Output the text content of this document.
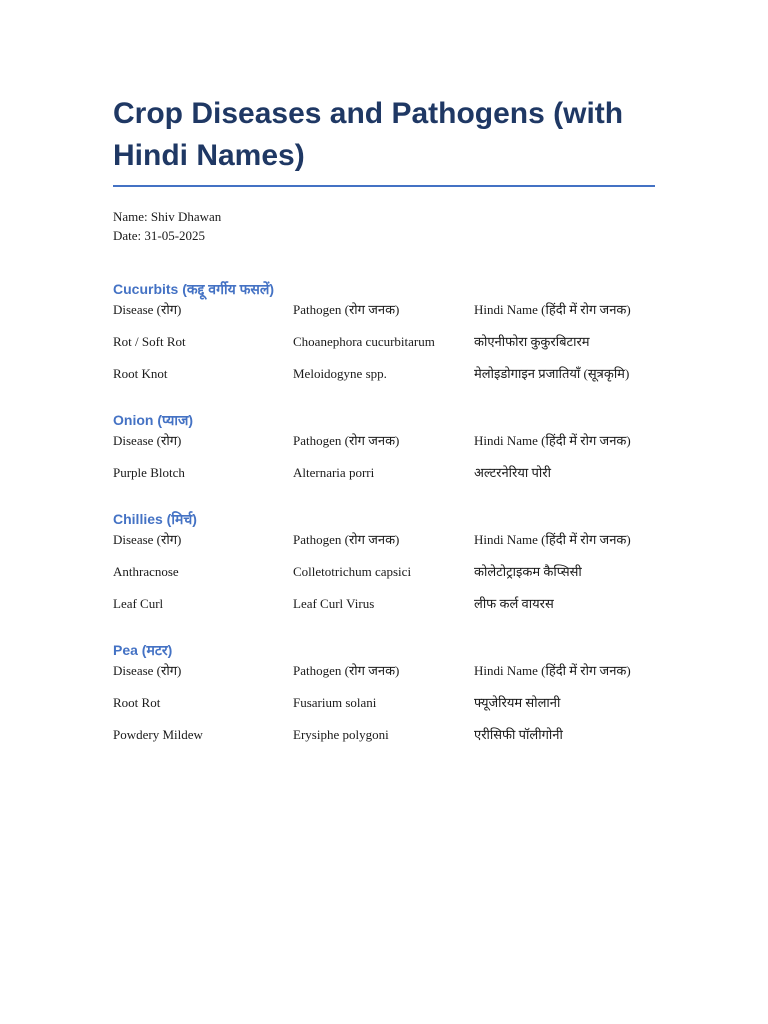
Crop Diseases and Pathogens (with Hindi Names)

Name: Shiv Dhawan

Date: 31-05-2025

Cucurbits (कद्दू वर्गीय फसलें)
Disease (रोग)	Pathogen (रोग जनक)	Hindi Name (हिंदी में रोग जनक)
Rot / Soft Rot	Choanephora cucurbitarum	कोएनीफोरा कुकुरबिटारम
Root Knot	Meloidogyne spp.	मेलोइडोगाइन प्रजातियाँ (सूत्रकृमि)
Onion (प्याज)
Disease (रोग)	Pathogen (रोग जनक)	Hindi Name (हिंदी में रोग जनक)
Purple Blotch	Alternaria porri	अल्टरनेरिया पोरी
Chillies (मिर्च)
Disease (रोग)	Pathogen (रोग जनक)	Hindi Name (हिंदी में रोग जनक)
Anthracnose	Colletotrichum capsici	कोलेटोट्राइकम कैप्सिसी
Leaf Curl	Leaf Curl Virus	लीफ कर्ल वायरस
Pea (मटर)
Disease (रोग)	Pathogen (रोग जनक)	Hindi Name (हिंदी में रोग जनक)
Root Rot	Fusarium solani	फ्यूजेरियम सोलानी
Powdery Mildew	Erysiphe polygoni	एरीसिफी पॉलीगोनी
